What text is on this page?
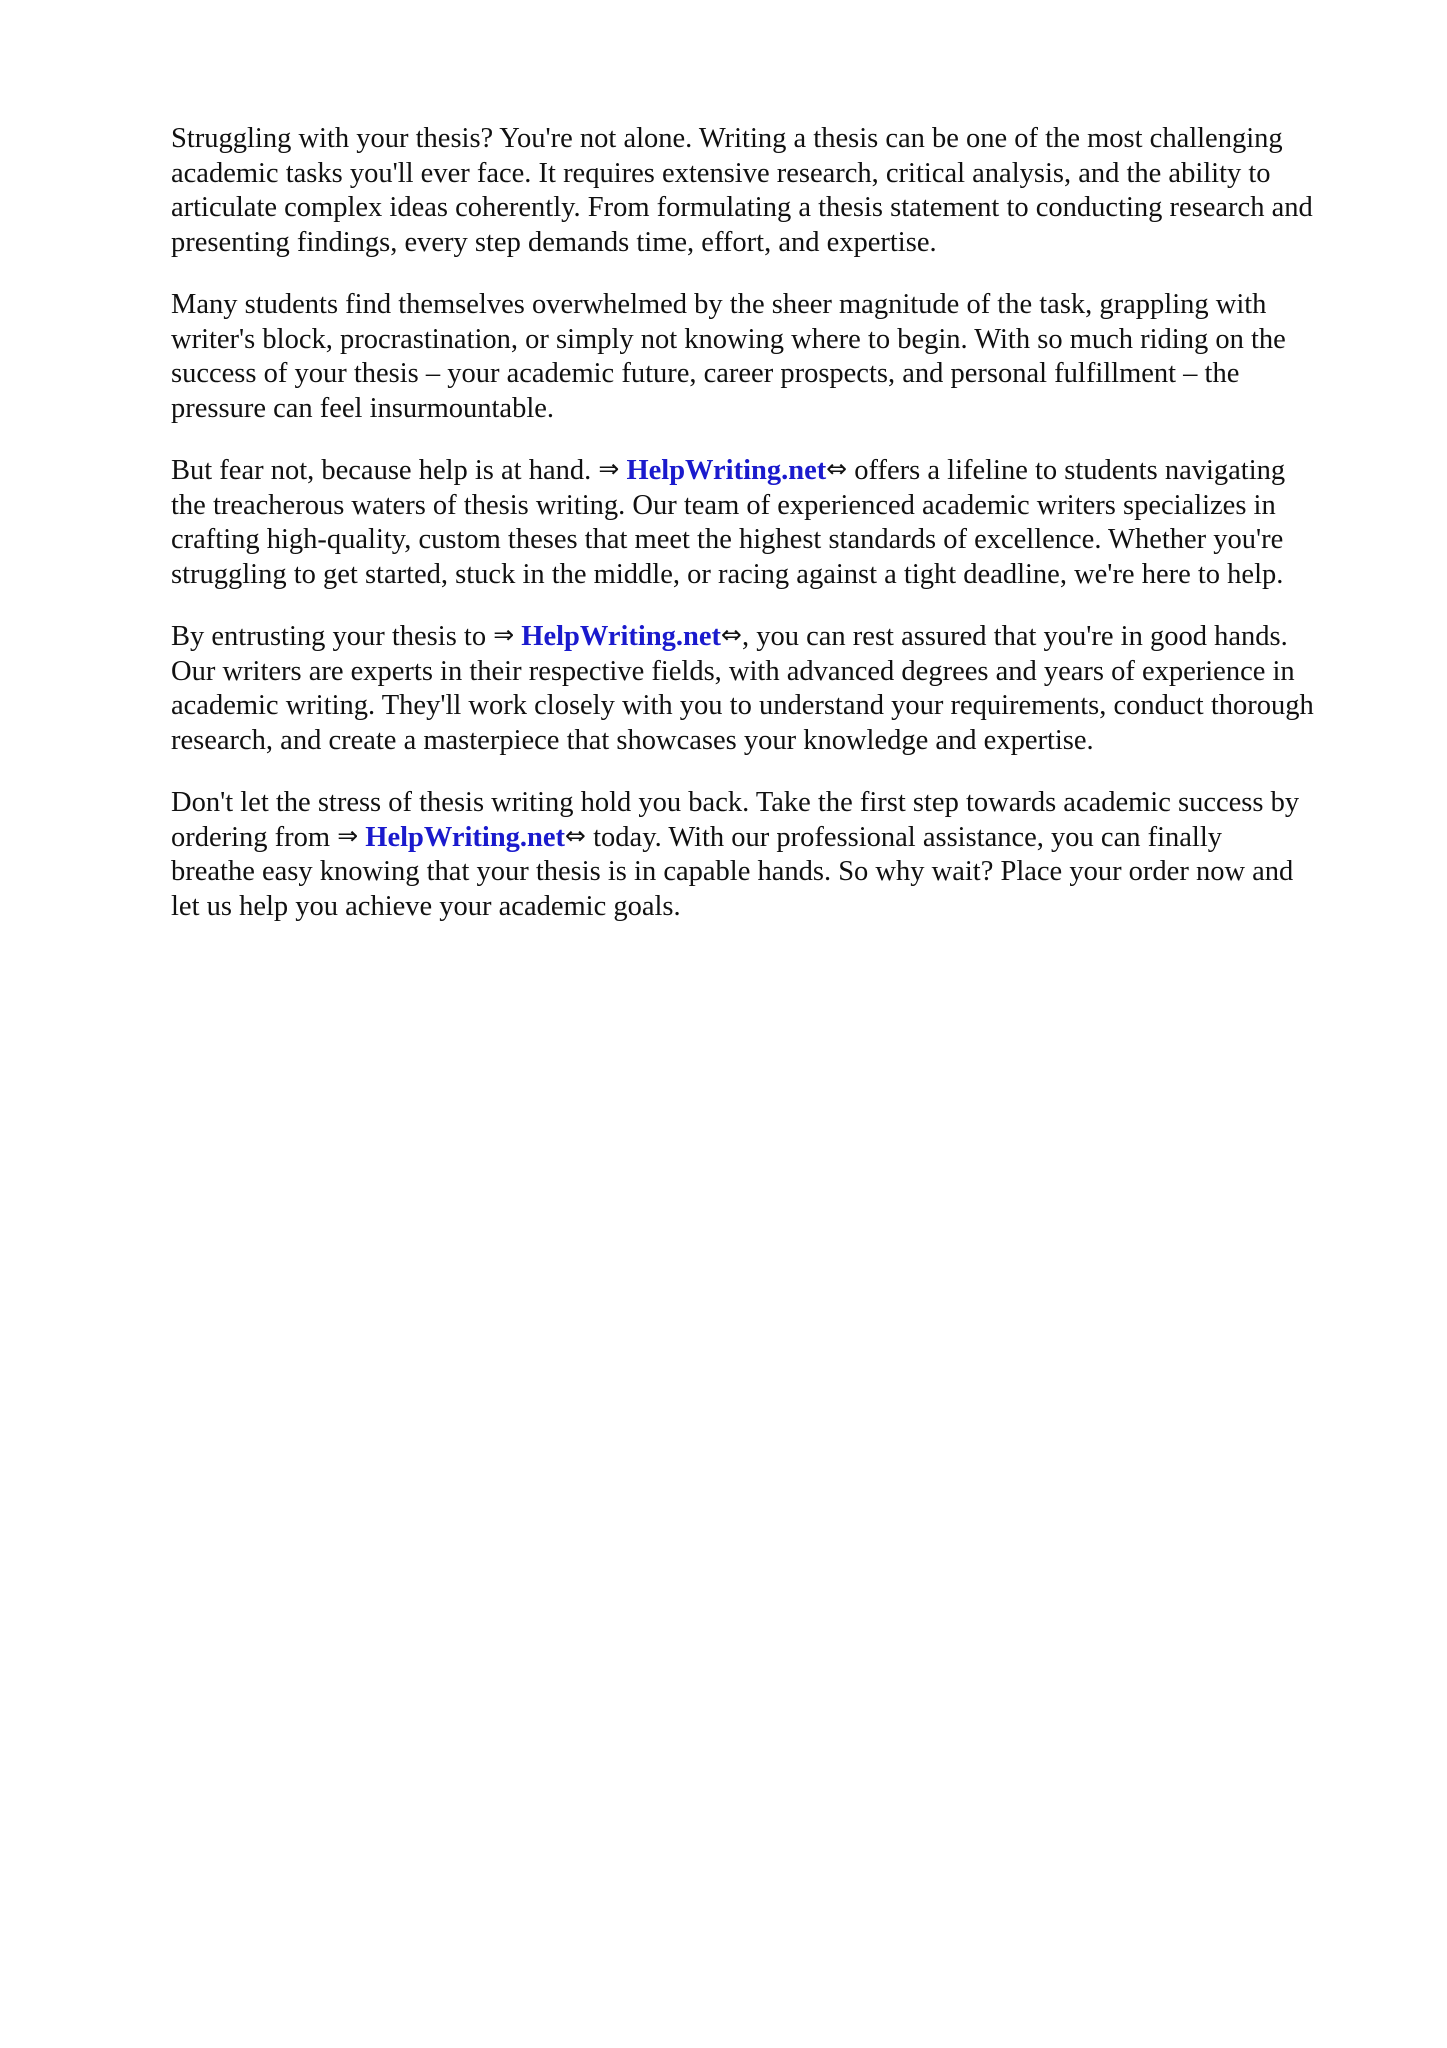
Struggling with your thesis? You're not alone. Writing a thesis can be one of the most challenging
academic tasks you'll ever face. It requires extensive research, critical analysis, and the ability to
articulate complex ideas coherently. From formulating a thesis statement to conducting research and
presenting findings, every step demands time, effort, and expertise.

Many students find themselves overwhelmed by the sheer magnitude of the task, grappling with
writer's block, procrastination, or simply not knowing where to begin. With so much riding on the
success of your thesis – your academic future, career prospects, and personal fulfillment – the
pressure can feel insurmountable.

But fear not, because help is at hand. ⇒ HelpWriting.net⇔ offers a lifeline to students navigating
the treacherous waters of thesis writing. Our team of experienced academic writers specializes in
crafting high-quality, custom theses that meet the highest standards of excellence. Whether you're
struggling to get started, stuck in the middle, or racing against a tight deadline, we're here to help.

By entrusting your thesis to ⇒ HelpWriting.net⇔, you can rest assured that you're in good hands.
Our writers are experts in their respective fields, with advanced degrees and years of experience in
academic writing. They'll work closely with you to understand your requirements, conduct thorough
research, and create a masterpiece that showcases your knowledge and expertise.

Don't let the stress of thesis writing hold you back. Take the first step towards academic success by
ordering from ⇒ HelpWriting.net⇔ today. With our professional assistance, you can finally
breathe easy knowing that your thesis is in capable hands. So why wait? Place your order now and
let us help you achieve your academic goals.
